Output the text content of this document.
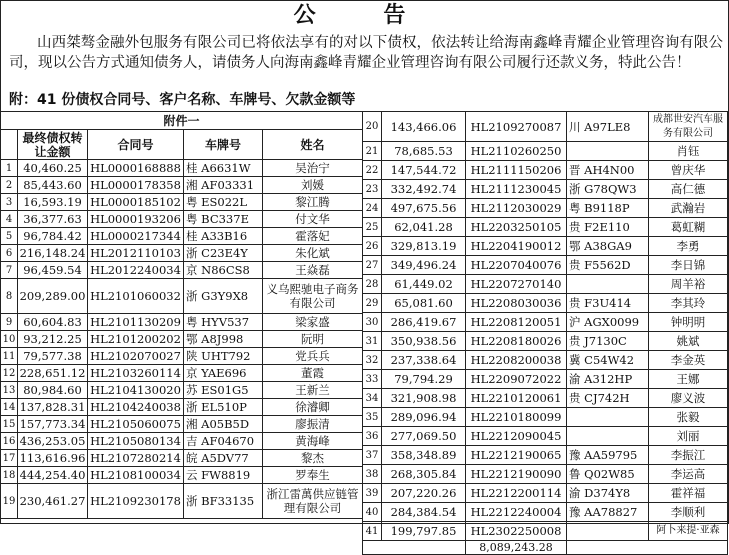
公 告
山西桀骜金融外包服务有限公司已将依法享有的对以下债权，依法转让给海南鑫峰青耀企业管理咨询有限公司，现以公告方式通知债务人，请债务人向海南鑫峰青耀企业管理咨询有限公司履行还款义务，特此公告！
附：41 份债权合同号、客户名称、车牌号、欠款金额等
附件一				
	最终债权转让金额	合同号	车牌号	姓名
1	40,460.25	HL0000168888	桂 A6631W	吴治宁
2	85,443.60	HL0000178358	湘 AF03331	刘媛
3	16,593.19	HL0000185102	粤 ES022L	黎江腾
4	36,377.63	HL0000193206	粤 BC337E	付文华
5	96,784.42	HL0000217344	桂 A33B16	霍落妃
6	216,148.24	HL2012110103	浙 C23E4Y	朱化斌
7	96,459.54	HL2012240034	京 N86CS8	王焱磊
8	209,289.00	HL2101060032	浙 G3Y9X8	义乌熙驰电子商务有限公司
9	60,604.83	HL2101130209	粤 HYV537	梁家盛
10	93,212.25	HL2101200202	鄂 A8J998	阮明
11	79,577.38	HL2102070027	陕 UHT792	党兵兵
12	228,651.12	HL2103260114	京 YAE696	董霞
13	80,984.60	HL2104130020	苏 ES01G5	王新兰
14	137,828.31	HL2104240038	浙 EL510P	徐濬卿
15	157,773.34	HL2105060075	湘 A05B5D	廖振清
16	436,253.05	HL2105080134	吉 AF04670	黄海峰
17	113,616.96	HL2107280214	皖 A5DV77	黎杰
18	444,254.40	HL2108100034	云 FW8819	罗奉生
19	230,461.27	HL2109230178	浙 BF33135	浙江雷萬供应链管理有限公司
20	143,466.06	HL2109270087	川 A97LE8	成都世安汽车服务有限公司
21	78,685.53	HL2110260250		肖钰
22	147,544.72	HL2111150206	晋 AH4N00	曾庆华
23	332,492.74	HL2111230045	浙 G78QW3	高仁德
24	497,675.56	HL2112030029	粤 B9118P	武瀚岩
25	62,041.28	HL2203250105	贵 F2E110	葛虹糊
26	329,813.19	HL2204190012	鄂 A38GA9	李勇
27	349,496.24	HL2207040076	贵 F5562D	李日锦
28	61,449.02	HL2207270140		周羊裕
29	65,081.60	HL2208030036	贵 F3U414	李其玲
30	286,419.67	HL2208120051	沪 AGX0099	钟明明
31	350,938.56	HL2208180026	贵 J7130C	姚斌
32	237,338.64	HL2208200038	冀 C54W42	李金英
33	79,794.29	HL2209072022	渝 A312HP	王娜
34	321,908.98	HL2210120061	贵 CJ742H	廖义波
35	289,096.94	HL2210180099		张毅
36	277,069.50	HL2212090045		刘丽
37	358,348.89	HL2212190065	豫 AA59795	李振江
38	268,305.84	HL2212190090	鲁 Q02W85	李运高
39	207,220.26	HL2212200114	渝 D374Y8	霍祥福
40	284,384.54	HL2212240004	豫 AA78827	李顺利
41	199,797.85	HL2302250008		阿卜来提·亚森
		8,089,243.28		
